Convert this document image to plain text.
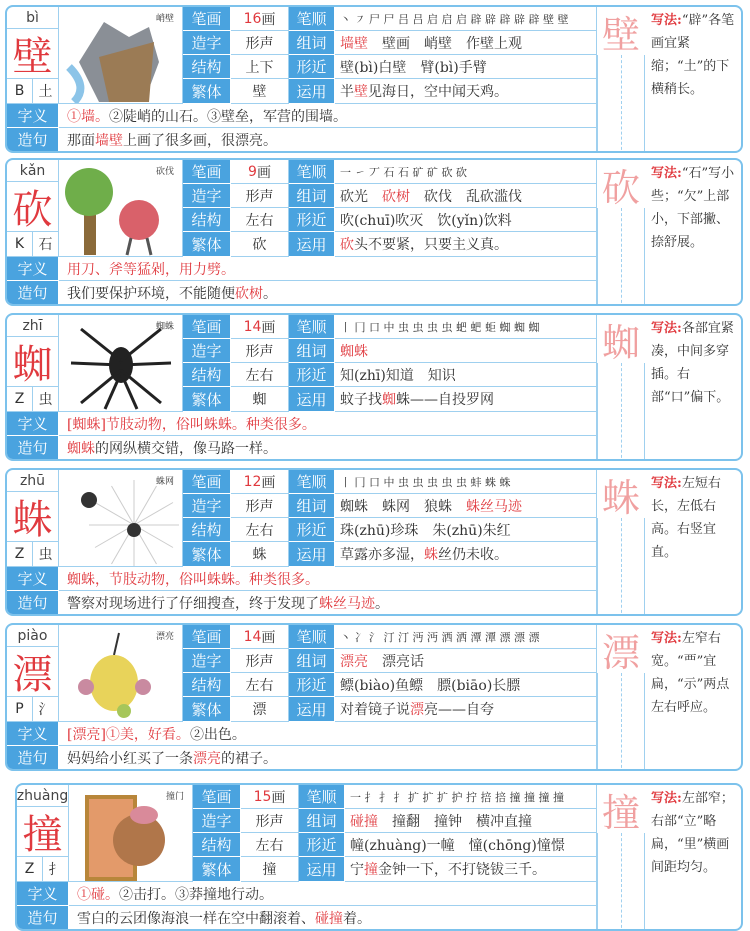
bì
壁
B	土
峭壁	笔画	16 画	笔顺	丶 ㇇ 尸 尸 吕 吕 启 启 启 辟 辟 辟 辟 辟 壁 壁
造字	形声	组词 墙壁 　壁画　峭壁　作壁上观
结构	上下	形近 壁(bì)白壁　臂(bì)手臂
繁体	壁	运用 半 壁 见海日，空中闻天鸡。
字义	①墙。 ②陡峭的山石。③壁垒，军营的围墙。
造句	那面 墙壁 上画了很多画，很漂亮。
壁 写法:“辟”各笔画宜紧缩；“土”的下横稍长。
kǎn
砍
K	石
砍伐	笔画	9 画	笔顺	一 ㇀ 丆 石 石 矿 矿 砍 砍
造字	形声	组词 砍光　 砍树 　砍伐　乱砍滥伐
结构	左右	形近 吹(chuī)吹灭　饮(yǐn)饮料
繁体	砍	运用 砍 头不要紧，只要主义真。
字义	用刀、斧等猛剁，用力劈。
造句	我们要保护环境，不能随便 砍树 。
砍 写法:“石”写小些；“欠”上部小，下部撇、捺舒展。
zhī
蜘
Z	虫
蜘蛛	笔画	14 画	笔顺	丨 冂 口 中 虫 虫 虫 虫 蚆 蚆 蚷 蜘 蜘 蜘
造字	形声	组词 蜘蛛
结构	左右	形近 知(zhī)知道　知识
繁体	蜘	运用 蚊子找 蜘 蛛——自投罗网
字义	[蜘蛛]节肢动物，俗叫蛛蛛。种类很多。
造句	蜘蛛 的网纵横交错，像马路一样。
蜘 写法:各部宜紧凑，中间多穿插。右部“口”偏下。
zhū
蛛
Z	虫
蛛网	笔画	12 画	笔顺	丨 冂 口 中 虫 虫 虫 虫 虫 蚌 蛛 蛛
造字	形声	组词 蜘蛛　蛛网　狼蛛　 蛛丝马迹
结构	左右	形近 珠(zhū)珍珠　朱(zhū)朱红
繁体	蛛	运用 草露亦多湿， 蛛 丝仍未收。
字义	蜘蛛，节肢动物，俗叫蛛蛛。种类很多。
造句	警察对现场进行了仔细搜查，终于发现了 蛛丝马迹 。
蛛 写法:左短右长，左低右高。右竖宜直。
piào
漂
P	氵
漂亮	笔画	14 画	笔顺	丶 冫 氵 汀 汀 沔 沔 洒 洒 潭 潭 漂 漂 漂
造字	形声	组词 漂亮 　漂亮话
结构	左右	形近 鳔(biào)鱼鳔　膘(biāo)长膘
繁体	漂	运用 对着镜子说 漂 亮——自夸
字义	[漂亮]①美，好看。 ②出色。
造句	妈妈给小红买了一条 漂亮 的裙子。
漂 写法:左窄右宽。“覀”宜扁，“示”两点左右呼应。
zhuàng
撞
Z	扌
撞门	笔画	15 画	笔顺	一 扌 扌 扌 扩 扩 扩 护 拧 掊 掊 撞 撞 撞 撞
造字	形声	组词 碰撞 　撞翻　撞钟　横冲直撞
结构	左右	形近 幢(zhuàng)一幢　憧(chōng)憧憬
繁体	撞	运用 宁 撞 金钟一下，不打铙钹三千。
字义	①碰。 ②击打。③莽撞地行动。
造句	雪白的云团像海浪一样在空中翻滚着、 碰撞 着。
撞 写法:左部窄；右部“立”略扁，“里”横画间距均匀。
